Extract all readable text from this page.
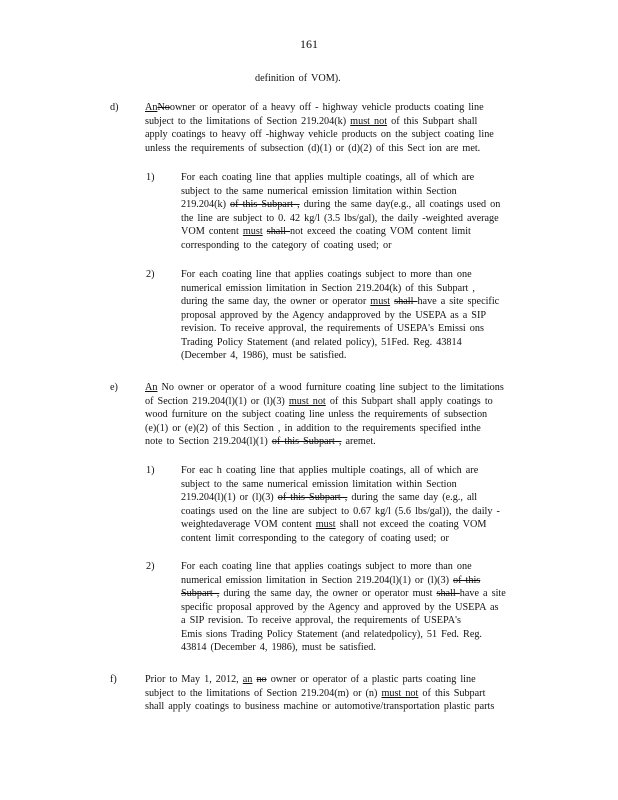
161
definition of VOM).
d)	AnNoowner or operator of a heavy off - highway vehicle products coating line
subject to the limitations of Section 219.204(k) must not of this Subpart shall
apply coatings to heavy off -highway vehicle products on the subject coating line
unless the requirements of subsection (d)(1) or (d)(2) of this Sect ion are met.
1)	For each coating line that applies multiple coatings, all of which are
subject to the same numerical emission limitation within Section
219.204(k) of this Subpart , during the same day(e.g., all coatings used on
the line are subject to 0. 42 kg/l (3.5 lbs/gal), the daily -weighted average
VOM content must shall not exceed the coating VOM content limit
corresponding to the category of coating used; or
2)	For each coating line that applies coatings subject to more than one
numerical emission limitation in Section 219.204(k) of this Subpart ,
during the same day, the owner or operator must shall have a site specific
proposal approved by the Agency andapproved by the USEPA as a SIP
revision. To receive approval, the requirements of USEPA's Emissi ons
Trading Policy Statement (and related policy), 51Fed. Reg. 43814
(December 4, 1986), must be satisfied.
e)	An No owner or operator of a wood furniture coating line subject to the limitations
of Section 219.204(l)(1) or (l)(3) must not of this Subpart shall apply coatings to
wood furniture on the subject coating line unless the requirements of subsection
(e)(1) or (e)(2) of this Section , in addition to the requirements specified inthe
note to Section 219.204(l)(1) of this Subpart , aremet.
1)	For eac h coating line that applies multiple coatings, all of which are
subject to the same numerical emission limitation within Section
219.204(l)(1) or (l)(3) of this Subpart , during the same day (e.g., all
coatings used on the line are subject to 0.67 kg/l (5.6 lbs/gal)), the daily -
weightedaverage VOM content must shall not exceed the coating VOM
content limit corresponding to the category of coating used; or
2)	For each coating line that applies coatings subject to more than one
numerical emission limitation in Section 219.204(l)(1) or (l)(3) of this
Subpart , during the same day, the owner or operator must shall have a site
specific proposal approved by the Agency and approved by the USEPA as
a SIP revision. To receive approval, the requirements of USEPA's
Emis sions Trading Policy Statement (and relatedpolicy), 51 Fed. Reg.
43814 (December 4, 1986), must be satisfied.
f)	Prior to May 1, 2012, an no owner or operator of a plastic parts coating line
subject to the limitations of Section 219.204(m) or (n) must not of this Subpart
shall apply coatings to business machine or automotive/transportation plastic parts
